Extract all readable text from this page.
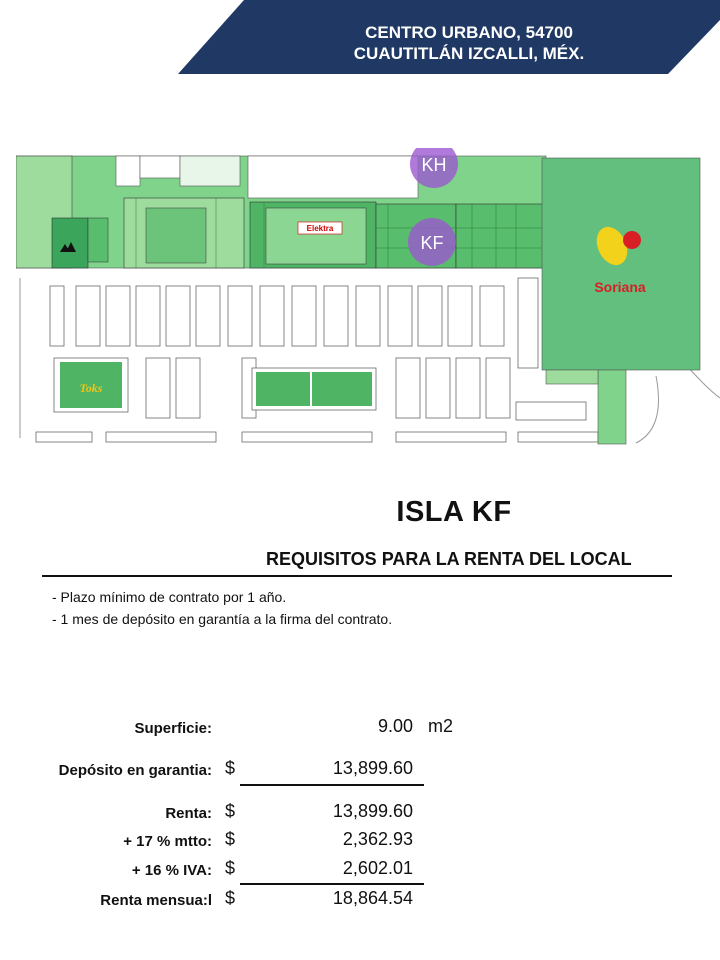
CENTRO URBANO, 54700
CUAUTITLÁN IZCALLI, MÉX.
Elektra
Soriana
Toks
KH
KF
ISLA KF
REQUISITOS PARA LA RENTA DEL LOCAL
- Plazo mínimo de contrato por 1 año.
- 1 mes de depósito en garantía a la firma del contrato.
Superficie:	9.00 m2
Depósito en garantia: $	13,899.60
Renta: $	13,899.60
+ 17 % mtto: $	2,362.93
+ 16 % IVA: $	2,602.01
Renta mensua:l $	18,864.54
